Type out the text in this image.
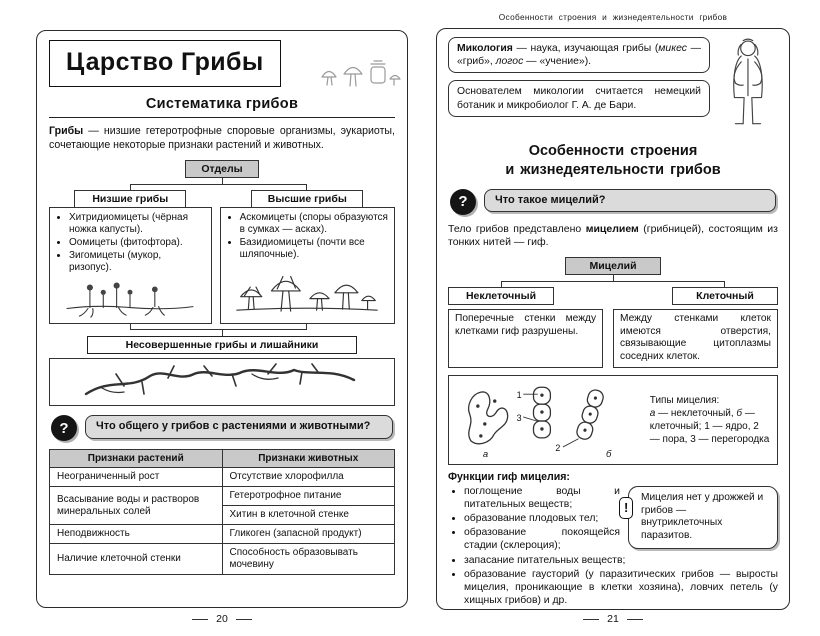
Царство Грибы
Систематика грибов

Грибы — низшие гетеротрофные споровые организмы, эукариоты, сочетающие некоторые признаки растений и животных.

Отделы
Низшие грибы
• Хитридиомицеты (чёрная ножка капусты).
• Оомицеты (фитофтора).
• Зигомицеты (мукор, ризопус).
Высшие грибы
• Аскомицеты (споры образуются в сумках — асках).
• Базидиомицеты (почти все шляпочные).
Несовершенные грибы и лишайники
?	Что общего у грибов с растениями и животными?
Признаки растений	Признаки животных
Неограниченный рост	Отсутствие хлорофилла
Всасывание воды и растворов минеральных солей	Гетеротрофное питание
	Хитин в клеточной стенке
Неподвижность	Гликоген (запасной продукт)
Наличие клеточной стенки	Способность образовывать мочевину
Особенности строения и жизнедеятельности грибов
Микология — наука, изучающая грибы (микес — «гриб», логос — «учение»).
Основателем микологии считается немецкий ботаник и микробиолог Г. А. де Бари.
Особенности строения
и жизнедеятельности грибов
?	Что такое мицелий?

Тело грибов представлено мицелием (грибницей), состоящим из тонких нитей — гиф.

Мицелий
Неклеточный	Клеточный
Поперечные стенки между клетками гиф разрушены.
Между стенками клеток имеются отверстия, связывающие цитоплазмы соседних клеток.
1
3
2
а	б
Типы мицелия:
а — неклеточный, б — клеточный; 1 — ядро, 2 — пора, 3 — перегородка
Функции гиф мицелия:
!
Мицелия нет у дрожжей и грибов — внутриклеточных паразитов.
• поглощение воды и питательных веществ;
• образование плодовых тел;
• образование покоящейся стадии (склероция);
• запасание питательных веществ;
• образование гаусторий (у паразитических грибов — выросты мицелия, проникающие в клетки хозяина), ловчих петель (у хищных грибов) и др.
20	21
